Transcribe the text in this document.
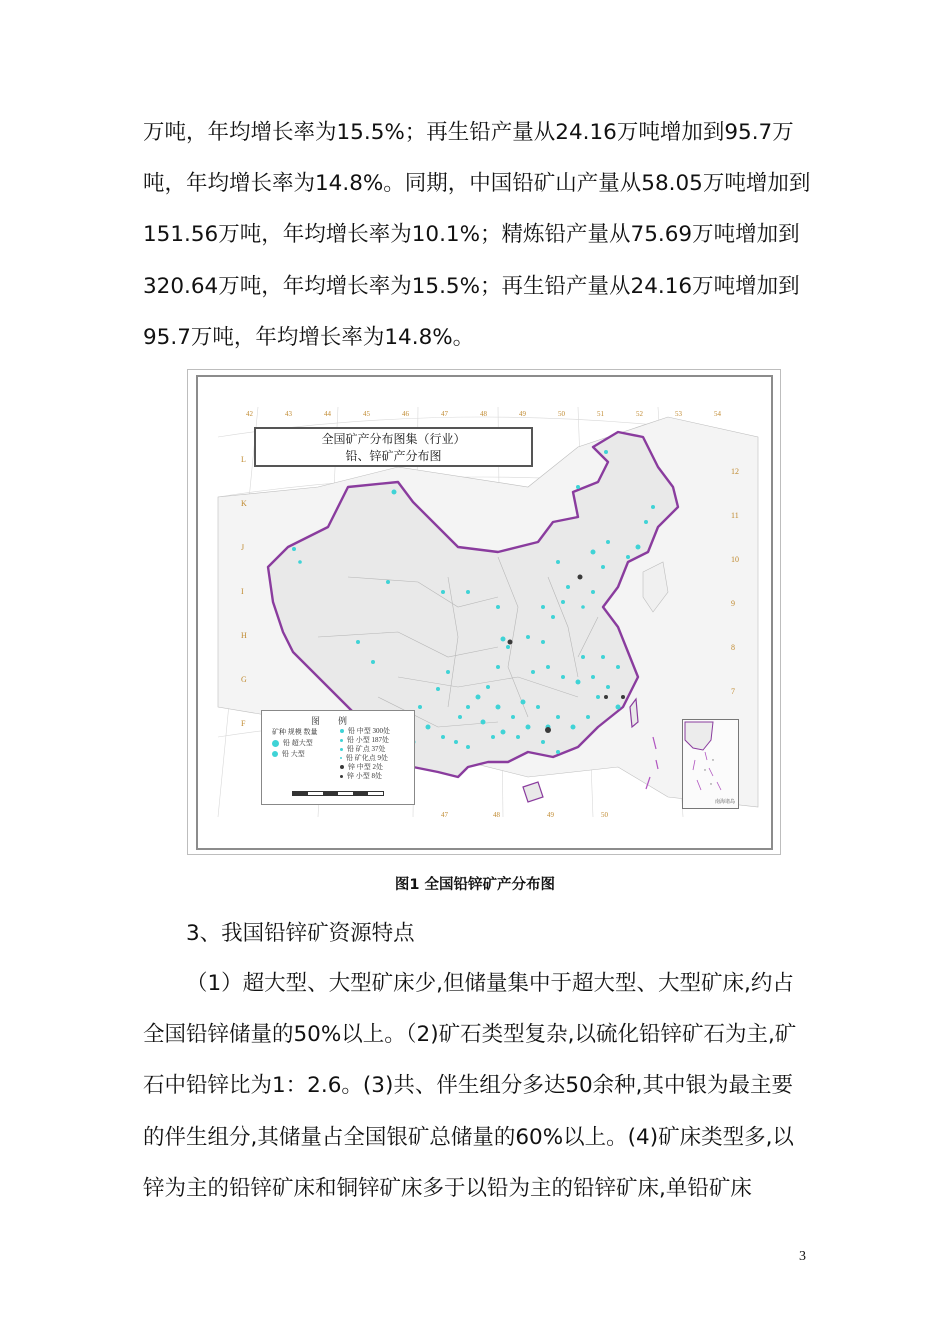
万吨，年均增长率为15.5%；再生铅产量从24.16万吨增加到95.7万吨，年均增长率为14.8%。同期，中国铅矿山产量从58.05万吨增加到151.56万吨，年均增长率为10.1%；精炼铅产量从75.69万吨增加到320.64万吨，年均增长率为15.5%；再生铅产量从24.16万吨增加到95.7万吨，年均增长率为14.8%。

42	43	44	45	46	47	48	49	50	51	52	53	54
47	48	49	50
L
K
J
I
H
G
F
12
11
10
9
8
7
全国矿产分布图集（行业）
铅、锌矿产分布图
图例
矿种 规模 数量
铅 超大型
铅 大型
铅 中型 300处
铅 小型 187处
铅 矿点 37处
铅 矿化点 9处
锌 中型 2处
锌 小型 8处
南海诸岛
图1 全国铅锌矿产分布图

3、我国铅锌矿资源特点

（1）超大型、大型矿床少,但储量集中于超大型、大型矿床,约占全国铅锌储量的50%以上。（2)矿石类型复杂,以硫化铅锌矿石为主,矿石中铅锌比为1：2.6。(3)共、伴生组分多达50余种,其中银为最主要的伴生组分,其储量占全国银矿总储量的60%以上。(4)矿床类型多,以锌为主的铅锌矿床和铜锌矿床多于以铅为主的铅锌矿床,单铅矿床

3
